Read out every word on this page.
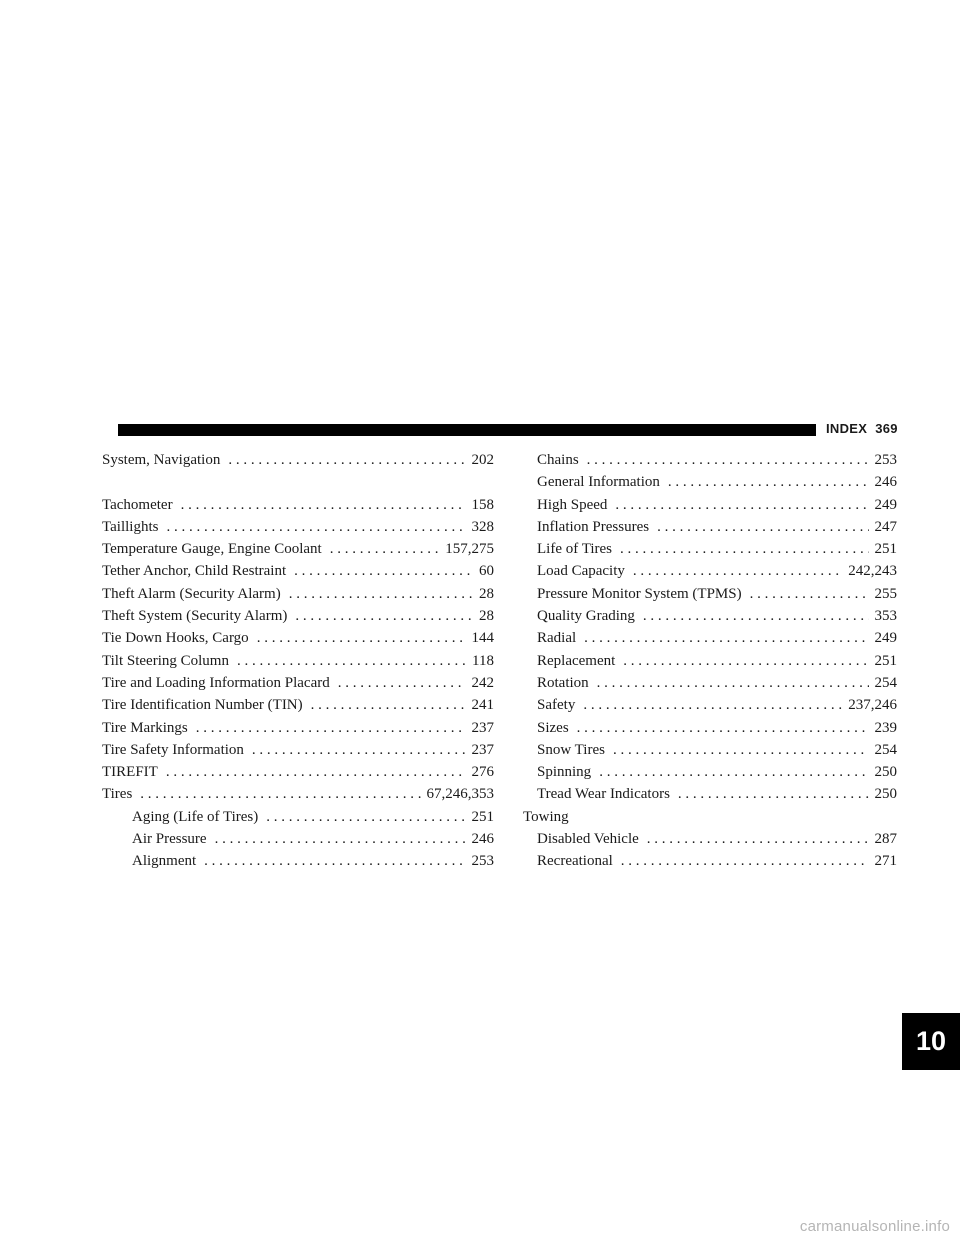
INDEX 369
System, Navigation . . .	202
Tachometer . . .	158
Taillights . . .	328
Temperature Gauge, Engine Coolant . . .	157,275
Tether Anchor, Child Restraint . . .	60
Theft Alarm (Security Alarm) . . .	28
Theft System (Security Alarm) . . .	28
Tie Down Hooks, Cargo . . .	144
Tilt Steering Column . . .	118
Tire and Loading Information Placard . . .	242
Tire Identification Number (TIN) . . .	241
Tire Markings . . .	237
Tire Safety Information . . .	237
TIREFIT . . .	276
Tires . . .	67,246,353
Aging (Life of Tires) . . .	251
Air Pressure . . .	246
Alignment . . .	253
Chains . . .	253
General Information . . .	246
High Speed . . .	249
Inflation Pressures . . .	247
Life of Tires . . .	251
Load Capacity . . .	242,243
Pressure Monitor System (TPMS) . . .	255
Quality Grading . . .	353
Radial . . .	249
Replacement . . .	251
Rotation . . .	254
Safety . . .	237,246
Sizes . . .	239
Snow Tires . . .	254
Spinning . . .	250
Tread Wear Indicators . . .	250
Towing
Disabled Vehicle . . .	287
Recreational . . .	271
10
carmanualsonline.info
